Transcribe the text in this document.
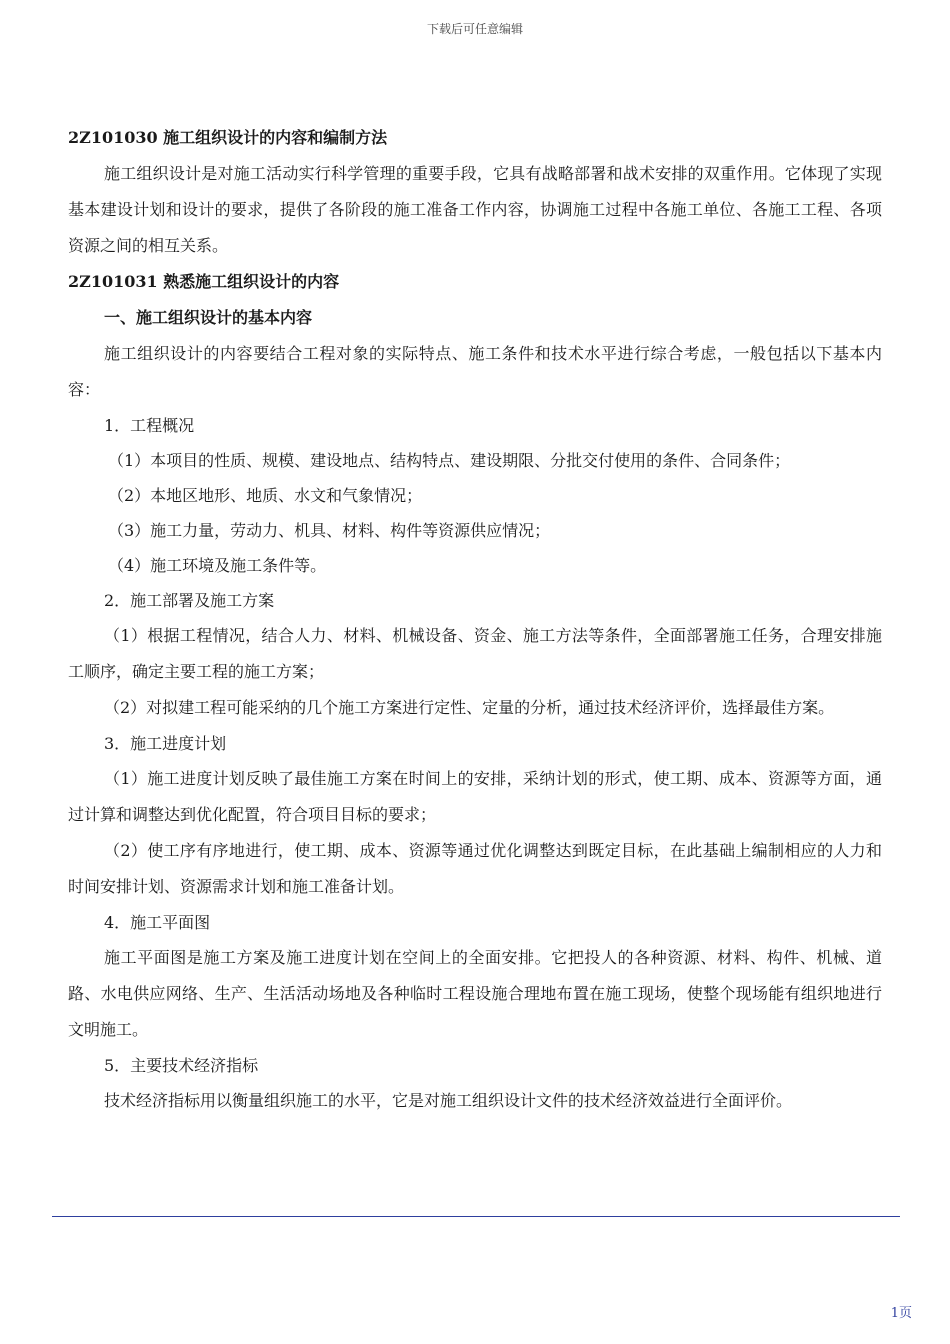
下载后可任意编辑

2Z101030 施工组织设计的内容和编制方法

施工组织设计是对施工活动实行科学管理的重要手段，它具有战略部署和战术安排的双重作用。它体现了实现基本建设计划和设计的要求，提供了各阶段的施工准备工作内容，协调施工过程中各施工单位、各施工工程、各项资源之间的相互关系。

2Z101031 熟悉施工组织设计的内容

一、施工组织设计的基本内容

施工组织设计的内容要结合工程对象的实际特点、施工条件和技术水平进行综合考虑，一般包括以下基本内容：

1．工程概况

（1）本项目的性质、规模、建设地点、结构特点、建设期限、分批交付使用的条件、合同条件；

（2）本地区地形、地质、水文和气象情况；

（3）施工力量，劳动力、机具、材料、构件等资源供应情况；

（4）施工环境及施工条件等。

2．施工部署及施工方案

（1）根据工程情况，结合人力、材料、机械设备、资金、施工方法等条件，全面部署施工任务，合理安排施工顺序，确定主要工程的施工方案；

（2）对拟建工程可能采纳的几个施工方案进行定性、定量的分析，通过技术经济评价，选择最佳方案。

3．施工进度计划

（1）施工进度计划反映了最佳施工方案在时间上的安排，采纳计划的形式，使工期、成本、资源等方面，通过计算和调整达到优化配置，符合项目目标的要求；

（2）使工序有序地进行，使工期、成本、资源等通过优化调整达到既定目标，在此基础上编制相应的人力和时间安排计划、资源需求计划和施工准备计划。

4．施工平面图

施工平面图是施工方案及施工进度计划在空间上的全面安排。它把投人的各种资源、材料、构件、机械、道路、水电供应网络、生产、生活活动场地及各种临时工程设施合理地布置在施工现场，使整个现场能有组织地进行文明施工。

5．主要技术经济指标

技术经济指标用以衡量组织施工的水平，它是对施工组织设计文件的技术经济效益进行全面评价。

1页
